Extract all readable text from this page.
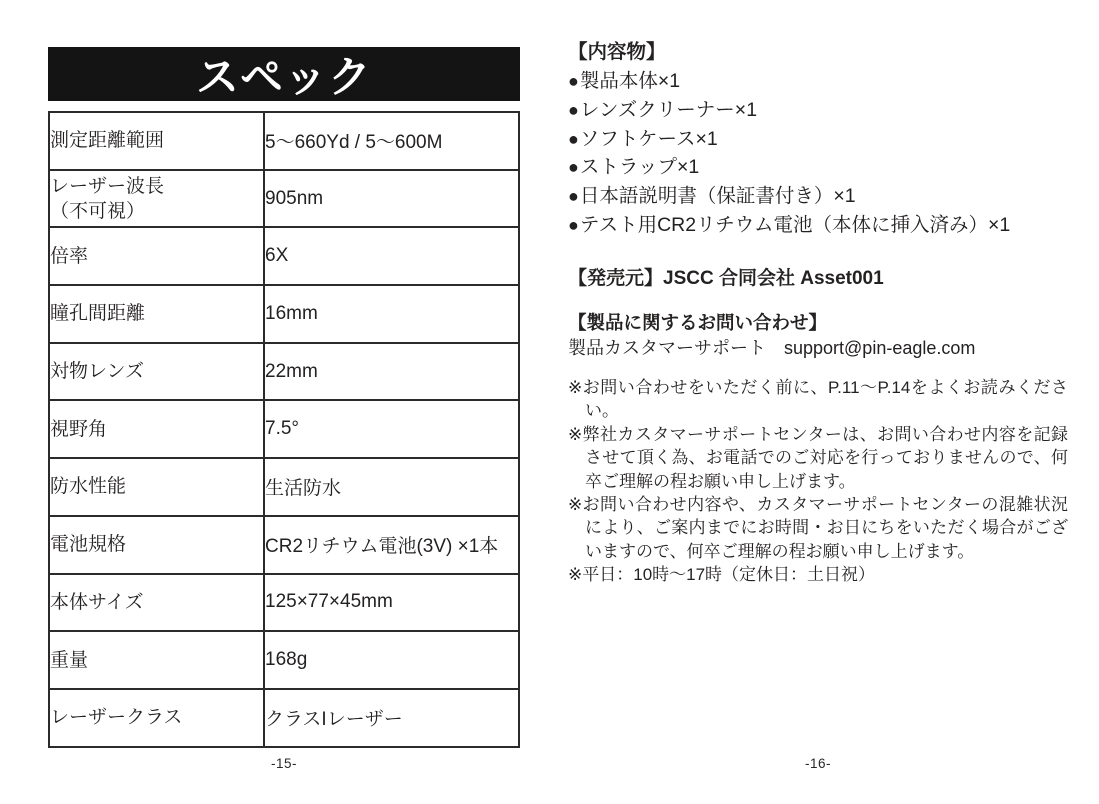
スペック
測定距離範囲	5～660Yd / 5～600M

レーザー波長
（不可視）	905nm

倍率	6X

瞳孔間距離	16mm

対物レンズ	22mm

視野角	7.5°

防水性能	生活防水

電池規格	CR2リチウム電池(3V) ×1本

本体サイズ	125×77×45mm

重量	168g

レーザークラス	クラスIレーザー
-15-
【内容物】
●製品本体×1
●レンズクリーナー×1
●ソフトケース×1
●ストラップ×1
●日本語説明書（保証書付き）×1
●テスト用CR2リチウム電池（本体に挿入済み）×1
【発売元】JSCC 合同会社 Asset001
【製品に関するお問い合わせ】
製品カスタマーサポート　support@pin-eagle.com
※お問い合わせをいただく前に、P.11～P.14をよくお読みください。
※弊社カスタマーサポートセンターは、お問い合わせ内容を記録させて頂く為、お電話でのご対応を行っておりませんので、何卒ご理解の程お願い申し上げます。
※お問い合わせ内容や、カスタマーサポートセンターの混雑状況により、ご案内までにお時間・お日にちをいただく場合がございますので、何卒ご理解の程お願い申し上げます。
※平日：10時～17時（定休日：土日祝）
-16-
